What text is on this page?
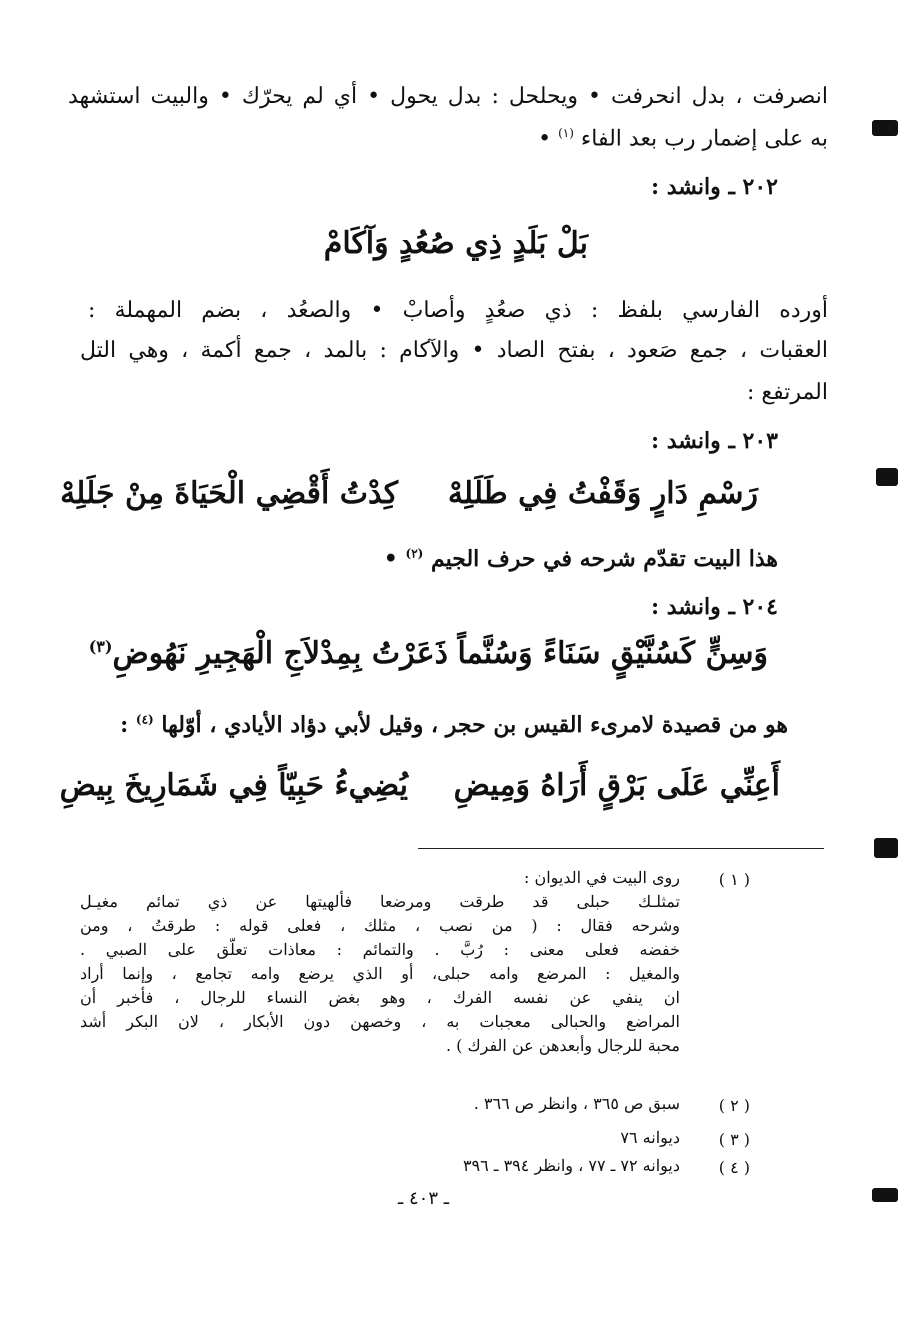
انصرفت ، بدل انحرفت • ويحلحل : بدل يحول • أي لم يحرّك • والبيت استشهد
به على إضمار رب بعد الفاء $^{(١)}$ •
٢٠٢ ـ وانشد :
بَلْ بَلَدٍ ذِي صُعُدٍ وَآكَامْ
أورده الفارسي بلفظ : ذي صعُدٍ وأصابْ • والصعُد ، بضم المهملة :
العقبات ، جمع صَعود ، بفتح الصاد • والآكام : بالمد ، جمع أكمة ، وهي التل
المرتفع :
٢٠٣ ـ وانشد :
رَسْمِ دَارٍ وَقَفْتُ فِي طَلَلِهْ
كِدْتُ أَقْضِي الْحَيَاةَ مِنْ جَلَلِهْ
هذا البيت تقدّم شرحه في حرف الجيم $^{(٢)}$ •
٢٠٤ ـ وانشد :
وَسِنٍّ كَسُنَّيْقٍ سَنَاءً وَسُنَّماً
ذَعَرْتُ بِمِدْلاَجِ الْهَجِيرِ نَهُوضِ$^{(٣)}$
هو من قصيدة لامرىء القيس بن حجر ، وقيل لأبي دؤاد الأيادي ، أوّلها $^{(٤)}$ :
أَعِنِّي عَلَى بَرْقٍ أَرَاهُ وَمِيضِ
يُضِيءُ حَبِيّاً فِي شَمَارِيخَ بِيضِ
( ١ )
روى البيت في الديوان :
تمثلـك حبلى قد طرقت ومرضعا فألهيتها عن ذي تمائم مغيـل
وشرحه فقال : ( من نصب ، مثلك ، فعلى قوله : طرقتُ ، ومن
خفضه فعلى معنى : رُبَّ . والتمائم : معاذات تعلّق على الصبي .
والمغيل : المرضع وامه حبلى، أو الذي يرضع وامه تجامع ، وإنما أراد
ان ينفي عن نفسه الفرك ، وهو بغض النساء للرجال ، فأخبر أن
المراضع والحبالى معجبات به ، وخصهن دون الأبكار ، لان البكر أشد
محبة للرجال وأبعدهن عن الفرك ) .
( ٢ )
سبق ص ٣٦٥ ، وانظر ص ٣٦٦ .
( ٣ )
ديوانه ٧٦
( ٤ )
ديوانه ٧٢ ـ ٧٧ ، وانظر ٣٩٤ ـ ٣٩٦
ـ ٤٠٣ ـ
